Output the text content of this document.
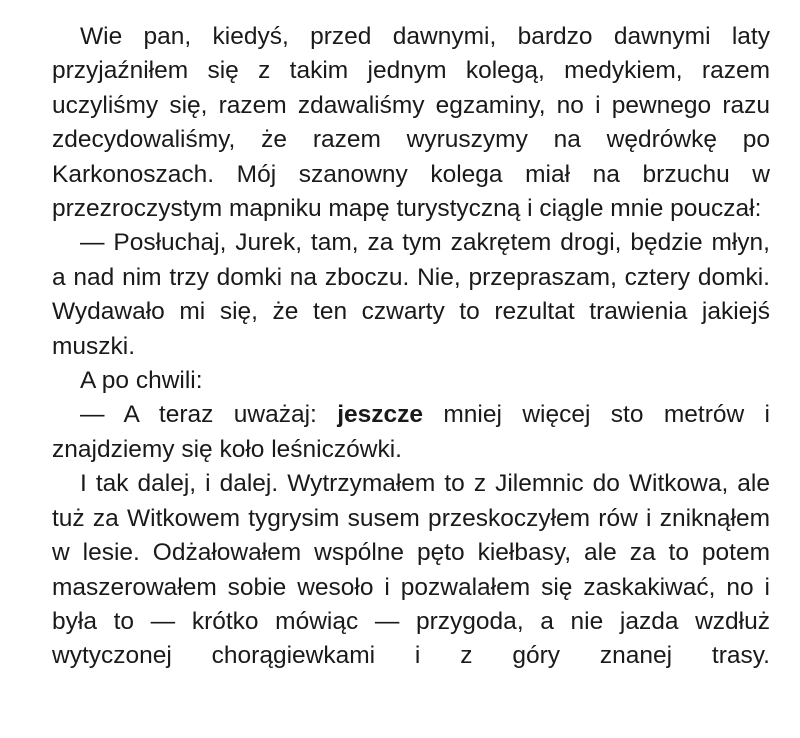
Wie pan, kiedyś, przed dawnymi, bardzo dawnymi laty przyjaźniłem się z takim jednym kolegą, medykiem, razem uczyliśmy się, razem zdawaliśmy egzaminy, no i pewnego razu zdecydowaliśmy, że razem wyruszymy na wędrówkę po Karkonoszach. Mój szanowny kolega miał na brzuchu w przezroczystym mapniku mapę turystyczną i ciągle mnie pouczał:

— Posłuchaj, Jurek, tam, za tym zakrętem drogi, będzie młyn, a nad nim trzy domki na zboczu. Nie, przepraszam, cztery domki. Wydawało mi się, że ten czwarty to rezultat trawienia jakiejś muszki.

A po chwili:

— A teraz uważaj: jeszcze mniej więcej sto metrów i znajdziemy się koło leśniczówki.

I tak dalej, i dalej. Wytrzymałem to z Jilemnic do Witkowa, ale tuż za Witkowem tygrysim susem przeskoczyłem rów i zniknąłem w lesie. Odżałowałem wspólne pęto kiełbasy, ale za to potem maszerowałem sobie wesoło i pozwalałem się zaskakiwać, no i była to — krótko mówiąc — przygoda, a nie jazda wzdłuż wytyczonej chorągiewkami i z góry znanej trasy.
